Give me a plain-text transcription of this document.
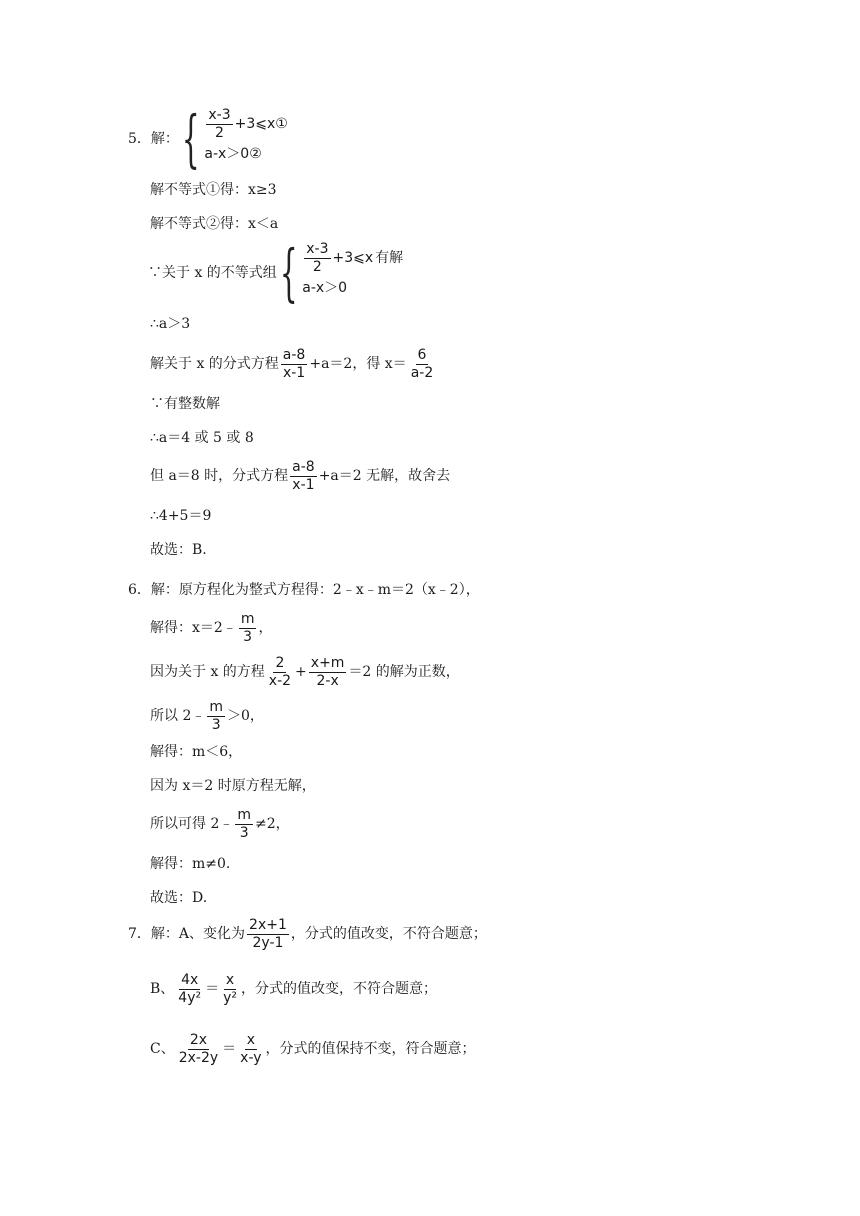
5．解： { $\frac{x-3}{2}$ +3⩽x①
a-x＞0②
解不等式①得：x≥3
解不等式②得：x＜a
∵关于 x 的不等式组 { $\frac{x-3}{2}$ +3⩽x 有解
a-x＞0
∴a＞3
解关于 x 的分式方程 $\frac{a-8}{x-1} +a=2$，得 $x= \frac{6}{a-2}$
∵有整数解
∴a＝4 或 5 或 8
但 a＝8 时，分式方程 $\frac{a-8}{x-1} +a=2$ 无解，故舍去
∴4+5＝9
故选：B.
6．解：原方程化为整式方程得：2﹣x﹣m＝2（x﹣2），
解得：x＝2﹣ $\frac{m}{3}$ ，
因为关于 x 的方程 $\frac{2}{x-2} + \frac{x+m}{2-x} =2$ 的解为正数，
所以 2﹣ $\frac{m}{3} >0$，
解得：m＜6，
因为 x＝2 时原方程无解，
所以可得 2﹣ $\frac{m}{3} \ne 2$，
解得：m≠0.
故选：D.
7．解：A、变化为 $\frac{2x+1}{2y-1}$ ，分式的值改变，不符合题意；
B、 $\frac{4x}{\text{4y²}} = \frac{x}{\text{y²}}$ ，分式的值改变，不符合题意；
C、 $\frac{2x}{2x-2y} = \frac{x}{x-y}$ ，分式的值保持不变，符合题意；
